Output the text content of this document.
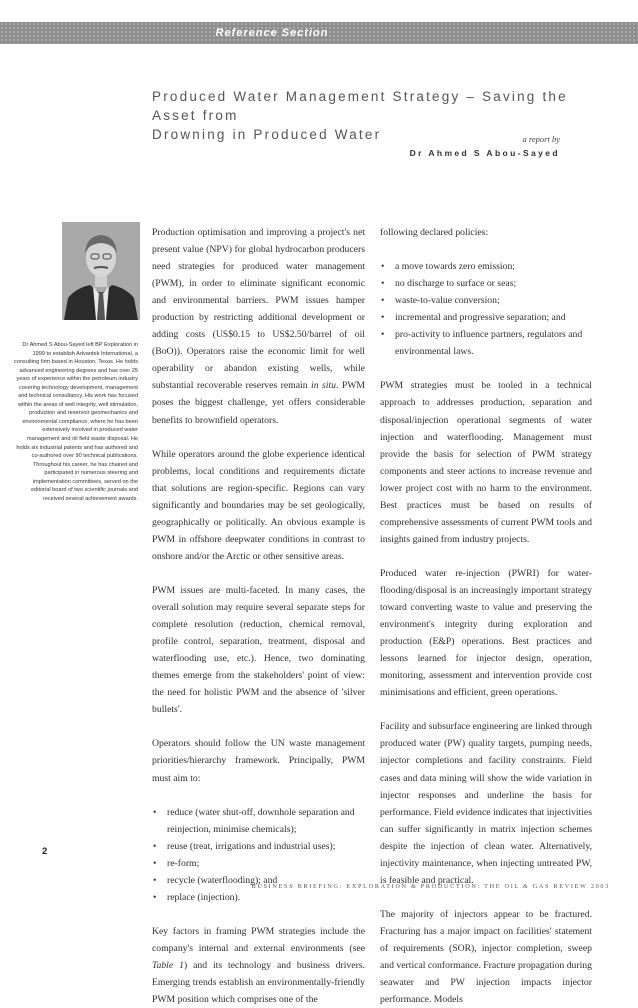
Reference Section
Produced Water Management Strategy – Saving the Asset from
Drowning in Produced Water	a report by
Dr Ahmed S Abou-Sayed
Dr Ahmed S Abou-Sayed left BP Exploration in 1999 to establish Advantek International, a consulting firm based in Houston, Texas. He holds advanced engineering degrees and has over 25 years of experience within the petroleum industry covering technology development, management and technical consultancy. His work has focused within the areas of well integrity, well stimulation, production and reservoir geomechanics and environmental compliance, where he has been extensively involved in produced water management and oil field waste disposal. He holds six industrial patents and has authored and co-authored over 90 technical publications. Throughout his career, he has chaired and participated in numerous steering and implementation committees, served on the editorial board of two scientific journals and received several achievement awards.

Production optimisation and improving a project's net present value (NPV) for global hydrocarbon producers need strategies for produced water management (PWM), in order to eliminate significant economic and environmental barriers. PWM issues hamper production by restricting additional development or adding costs (US$0.15 to US$2.50/barrel of oil (BoO)). Operators raise the economic limit for well operability or abandon existing wells, while substantial recoverable reserves remain in situ. PWM poses the biggest challenge, yet offers considerable benefits to brownfield operators.

While operators around the globe experience identical problems, local conditions and requirements dictate that solutions are region-specific. Regions can vary significantly and boundaries may be set geologically, geographically or politically. An obvious example is PWM in offshore deepwater conditions in contrast to onshore and/or the Arctic or other sensitive areas.

PWM issues are multi-faceted. In many cases, the overall solution may require several separate steps for complete resolution (reduction, chemical removal, profile control, separation, treatment, disposal and waterflooding use, etc.). Hence, two dominating themes emerge from the stakeholders' point of view: the need for holistic PWM and the absence of 'silver bullets'.

Operators should follow the UN waste management priorities/hierarchy framework. Principally, PWM must aim to:

• reduce (water shut-off, downhole separation and reinjection, minimise chemicals);
• reuse (treat, irrigations and industrial uses);
• re-form;
• recycle (waterflooding); and
• replace (injection).

Key factors in framing PWM strategies include the company's internal and external environments (see Table 1) and its technology and business drivers. Emerging trends establish an environmentally-friendly PWM position which comprises one of the

following declared policies:

• a move towards zero emission;
• no discharge to surface or seas;
• waste-to-value conversion;
• incremental and progressive separation; and
• pro-activity to influence partners, regulators and environmental laws.

PWM strategies must be tooled in a technical approach to addresses production, separation and disposal/injection operational segments of water injection and waterflooding. Management must provide the basis for selection of PWM strategy components and steer actions to increase revenue and lower project cost with no harm to the environment. Best practices must be based on results of comprehensive assessments of current PWM tools and insights gained from industry projects.

Produced water re-injection (PWRI) for water-flooding/disposal is an increasingly important strategy toward converting waste to value and preserving the environment's integrity during exploration and production (E&P) operations. Best practices and lessons learned for injector design, operation, monitoring, assessment and intervention provide cost minimisations and efficient, green operations.

Facility and subsurface engineering are linked through produced water (PW) quality targets, pumping needs, injector completions and facility constraints. Field cases and data mining will show the wide variation in injector responses and underline the basis for performance. Field evidence indicates that injectivities can suffer significantly in matrix injection schemes despite the injection of clean water. Alternatively, injectivity maintenance, when injecting untreated PW, is feasible and practical.

The majority of injectors appear to be fractured. Fracturing has a major impact on facilities' statement of requirements (SOR), injector completion, sweep and vertical conformance. Fracture propagation during seawater and PW injection impacts injector performance. Models

2
BUSINESS BRIEFING: EXPLORATION & PRODUCTION: THE OIL & GAS REVIEW 2003
